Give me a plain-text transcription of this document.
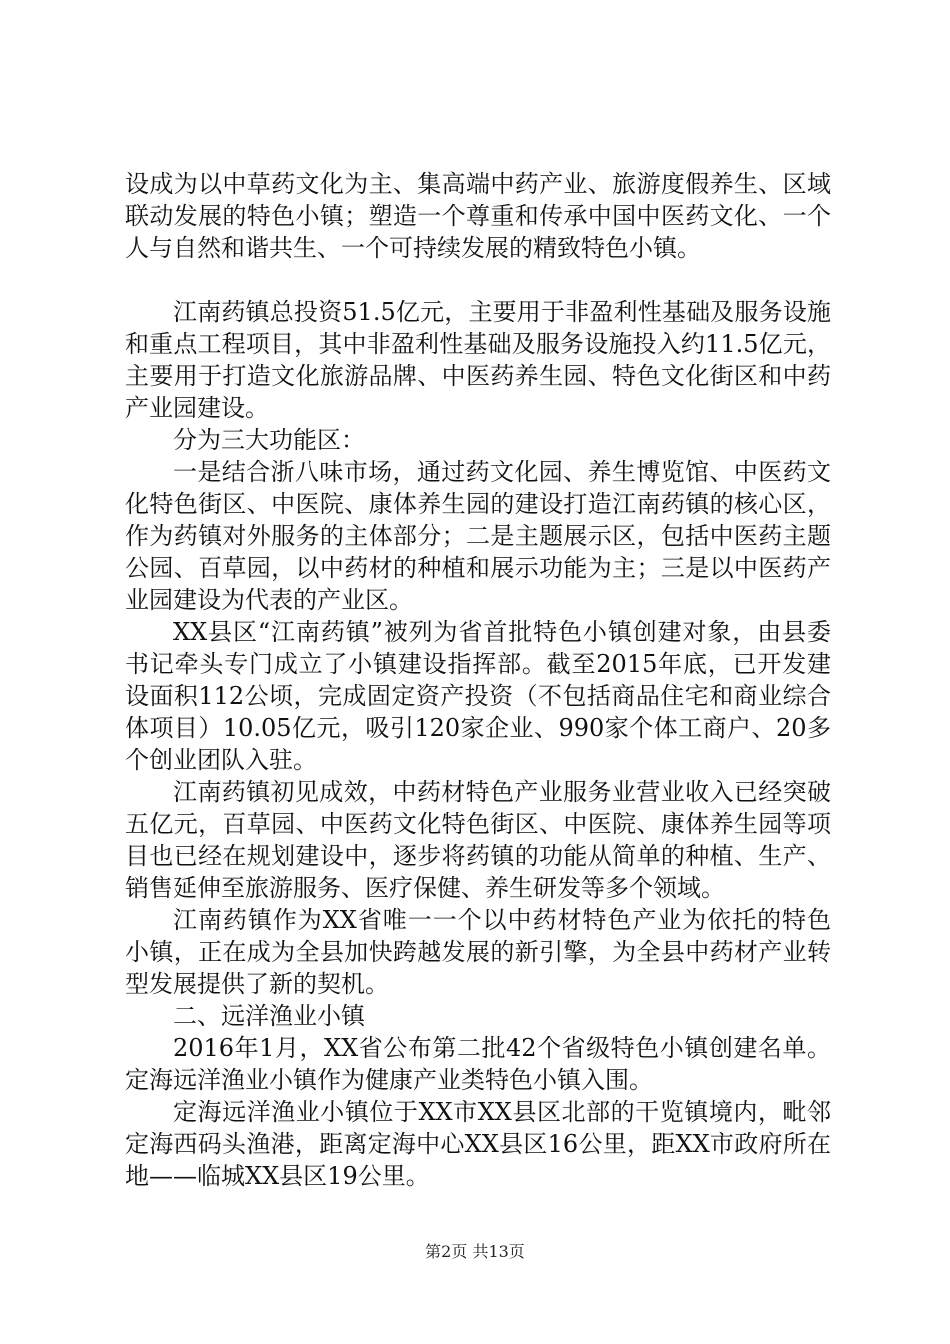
设成为以中草药文化为主、集高端中药产业、旅游度假养生、区域联动发展的特色小镇；塑造一个尊重和传承中国中医药文化、一个人与自然和谐共生、一个可持续发展的精致特色小镇。

江南药镇总投资51.5亿元，主要用于非盈利性基础及服务设施和重点工程项目，其中非盈利性基础及服务设施投入约11.5亿元，主要用于打造文化旅游品牌、中医药养生园、特色文化街区和中药产业园建设。

分为三大功能区：

一是结合浙八味市场，通过药文化园、养生博览馆、中医药文化特色街区、中医院、康体养生园的建设打造江南药镇的核心区，作为药镇对外服务的主体部分；二是主题展示区，包括中医药主题公园、百草园，以中药材的种植和展示功能为主；三是以中医药产业园建设为代表的产业区。

XX县区“江南药镇”被列为省首批特色小镇创建对象，由县委书记牵头专门成立了小镇建设指挥部。截至2015年底，已开发建设面积112公顷，完成固定资产投资（不包括商品住宅和商业综合体项目）10.05亿元，吸引120家企业、990家个体工商户、20多个创业团队入驻。

江南药镇初见成效，中药材特色产业服务业营业收入已经突破五亿元，百草园、中医药文化特色街区、中医院、康体养生园等项目也已经在规划建设中，逐步将药镇的功能从简单的种植、生产、销售延伸至旅游服务、医疗保健、养生研发等多个领域。

江南药镇作为XX省唯一一个以中药材特色产业为依托的特色小镇，正在成为全县加快跨越发展的新引擎，为全县中药材产业转型发展提供了新的契机。

二、远洋渔业小镇

2016年1月，XX省公布第二批42个省级特色小镇创建名单。定海远洋渔业小镇作为健康产业类特色小镇入围。

定海远洋渔业小镇位于XX市XX县区北部的干览镇境内，毗邻定海西码头渔港，距离定海中心XX县区16公里，距XX市政府所在地——临城XX县区19公里。

第2页 共13页
